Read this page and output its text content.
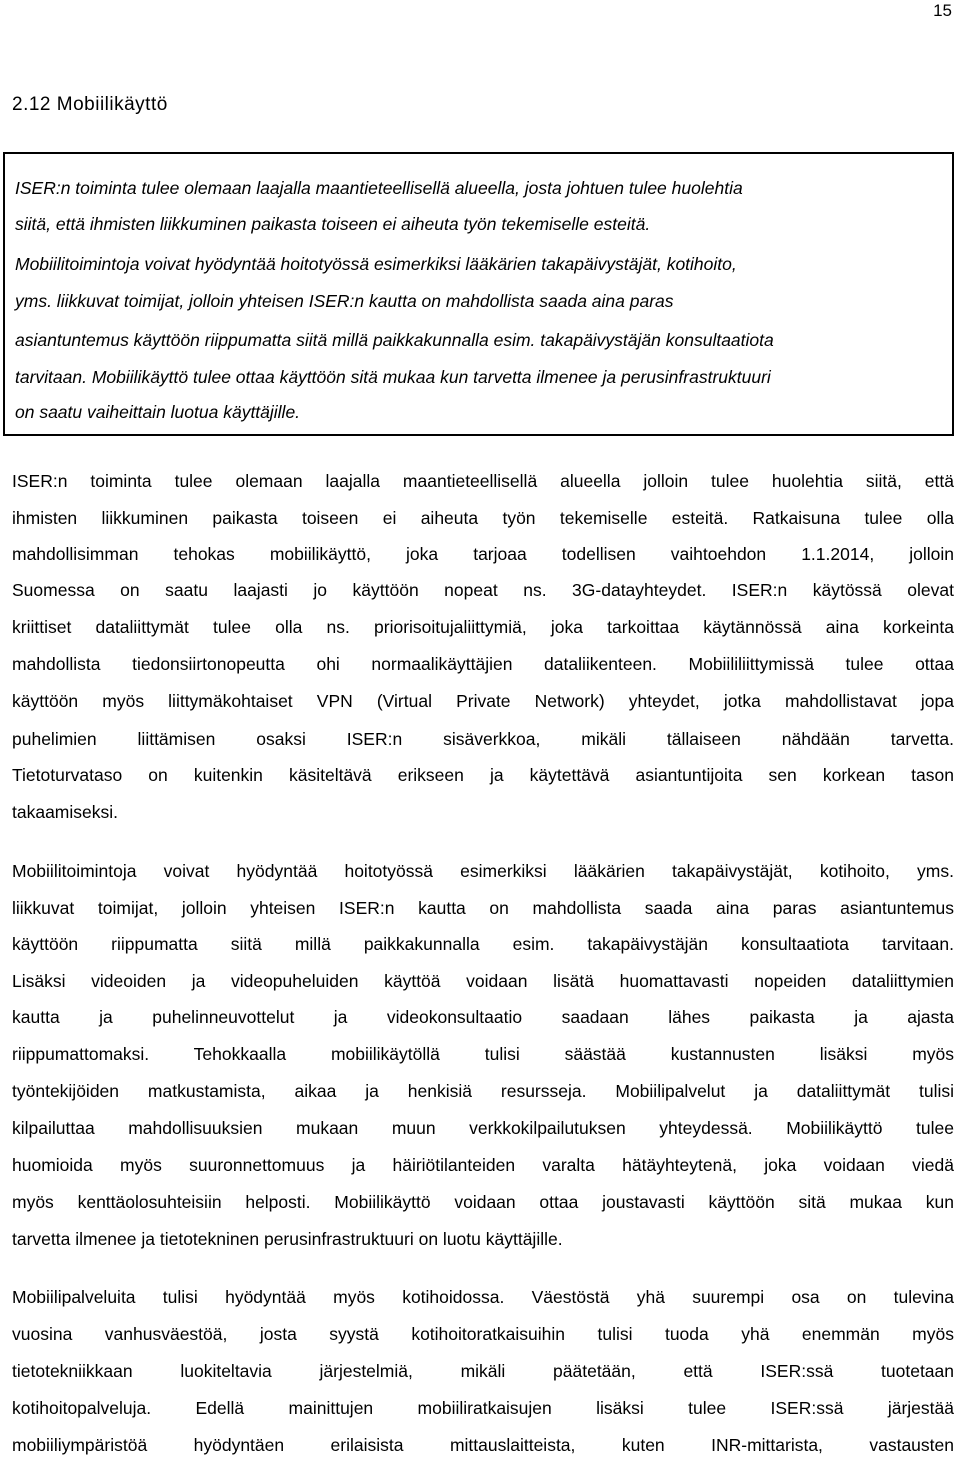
15
2.12 Mobiilikäyttö

ISER:n toiminta tulee olemaan laajalla maantieteellisellä alueella, josta johtuen tulee huolehtia

siitä, että ihmisten liikkuminen paikasta toiseen ei aiheuta työn tekemiselle esteitä.

Mobiilitoimintoja voivat hyödyntää hoitotyössä esimerkiksi lääkärien takapäivystäjät, kotihoito,

yms. liikkuvat toimijat, jolloin yhteisen ISER:n kautta on mahdollista saada aina paras

asiantuntemus käyttöön riippumatta siitä millä paikkakunnalla esim. takapäivystäjän konsultaatiota

tarvitaan. Mobiilikäyttö tulee ottaa käyttöön sitä mukaa kun tarvetta ilmenee ja perusinfrastruktuuri

on saatu vaiheittain luotua käyttäjille.

ISER:n toiminta tulee olemaan laajalla maantieteellisellä alueella jolloin tulee huolehtia siitä, että

ihmisten liikkuminen paikasta toiseen ei aiheuta työn tekemiselle esteitä. Ratkaisuna tulee olla

mahdollisimman tehokas mobiilikäyttö, joka tarjoaa todellisen vaihtoehdon 1.1.2014, jolloin

Suomessa on saatu laajasti jo käyttöön nopeat ns. 3G-datayhteydet. ISER:n käytössä olevat

kriittiset dataliittymät tulee olla ns. priorisoitujaliittymiä, joka tarkoittaa käytännössä aina korkeinta

mahdollista tiedonsiirtonopeutta ohi normaalikäyttäjien dataliikenteen. Mobiililiittymissä tulee ottaa

käyttöön myös liittymäkohtaiset VPN (Virtual Private Network) yhteydet, jotka mahdollistavat jopa

puhelimien liittämisen osaksi ISER:n sisäverkkoa, mikäli tällaiseen nähdään tarvetta.

Tietoturvataso on kuitenkin käsiteltävä erikseen ja käytettävä asiantuntijoita sen korkean tason

takaamiseksi.

Mobiilitoimintoja voivat hyödyntää hoitotyössä esimerkiksi lääkärien takapäivystäjät, kotihoito, yms.

liikkuvat toimijat, jolloin yhteisen ISER:n kautta on mahdollista saada aina paras asiantuntemus

käyttöön riippumatta siitä millä paikkakunnalla esim. takapäivystäjän konsultaatiota tarvitaan.

Lisäksi videoiden ja videopuheluiden käyttöä voidaan lisätä huomattavasti nopeiden dataliittymien

kautta ja puhelinneuvottelut ja videokonsultaatio saadaan lähes paikasta ja ajasta

riippumattomaksi. Tehokkaalla mobiilikäytöllä tulisi säästää kustannusten lisäksi myös

työntekijöiden matkustamista, aikaa ja henkisiä resursseja. Mobiilipalvelut ja dataliittymät tulisi

kilpailuttaa mahdollisuuksien mukaan muun verkkokilpailutuksen yhteydessä. Mobiilikäyttö tulee

huomioida myös suuronnettomuus ja häiriötilanteiden varalta hätäyhteytenä, joka voidaan viedä

myös kenttäolosuhteisiin helposti. Mobiilikäyttö voidaan ottaa joustavasti käyttöön sitä mukaa kun

tarvetta ilmenee ja tietotekninen perusinfrastruktuuri on luotu käyttäjille.

Mobiilipalveluita tulisi hyödyntää myös kotihoidossa. Väestöstä yhä suurempi osa on tulevina

vuosina vanhusväestöä, josta syystä kotihoitoratkaisuihin tulisi tuoda yhä enemmän myös

tietotekniikkaan luokiteltavia järjestelmiä, mikäli päätetään, että ISER:ssä tuotetaan

kotihoitopalveluja. Edellä mainittujen mobiiliratkaisujen lisäksi tulee ISER:ssä järjestää

mobiiliympäristöä hyödyntäen erilaisista mittauslaitteista, kuten INR-mittarista, vastausten
